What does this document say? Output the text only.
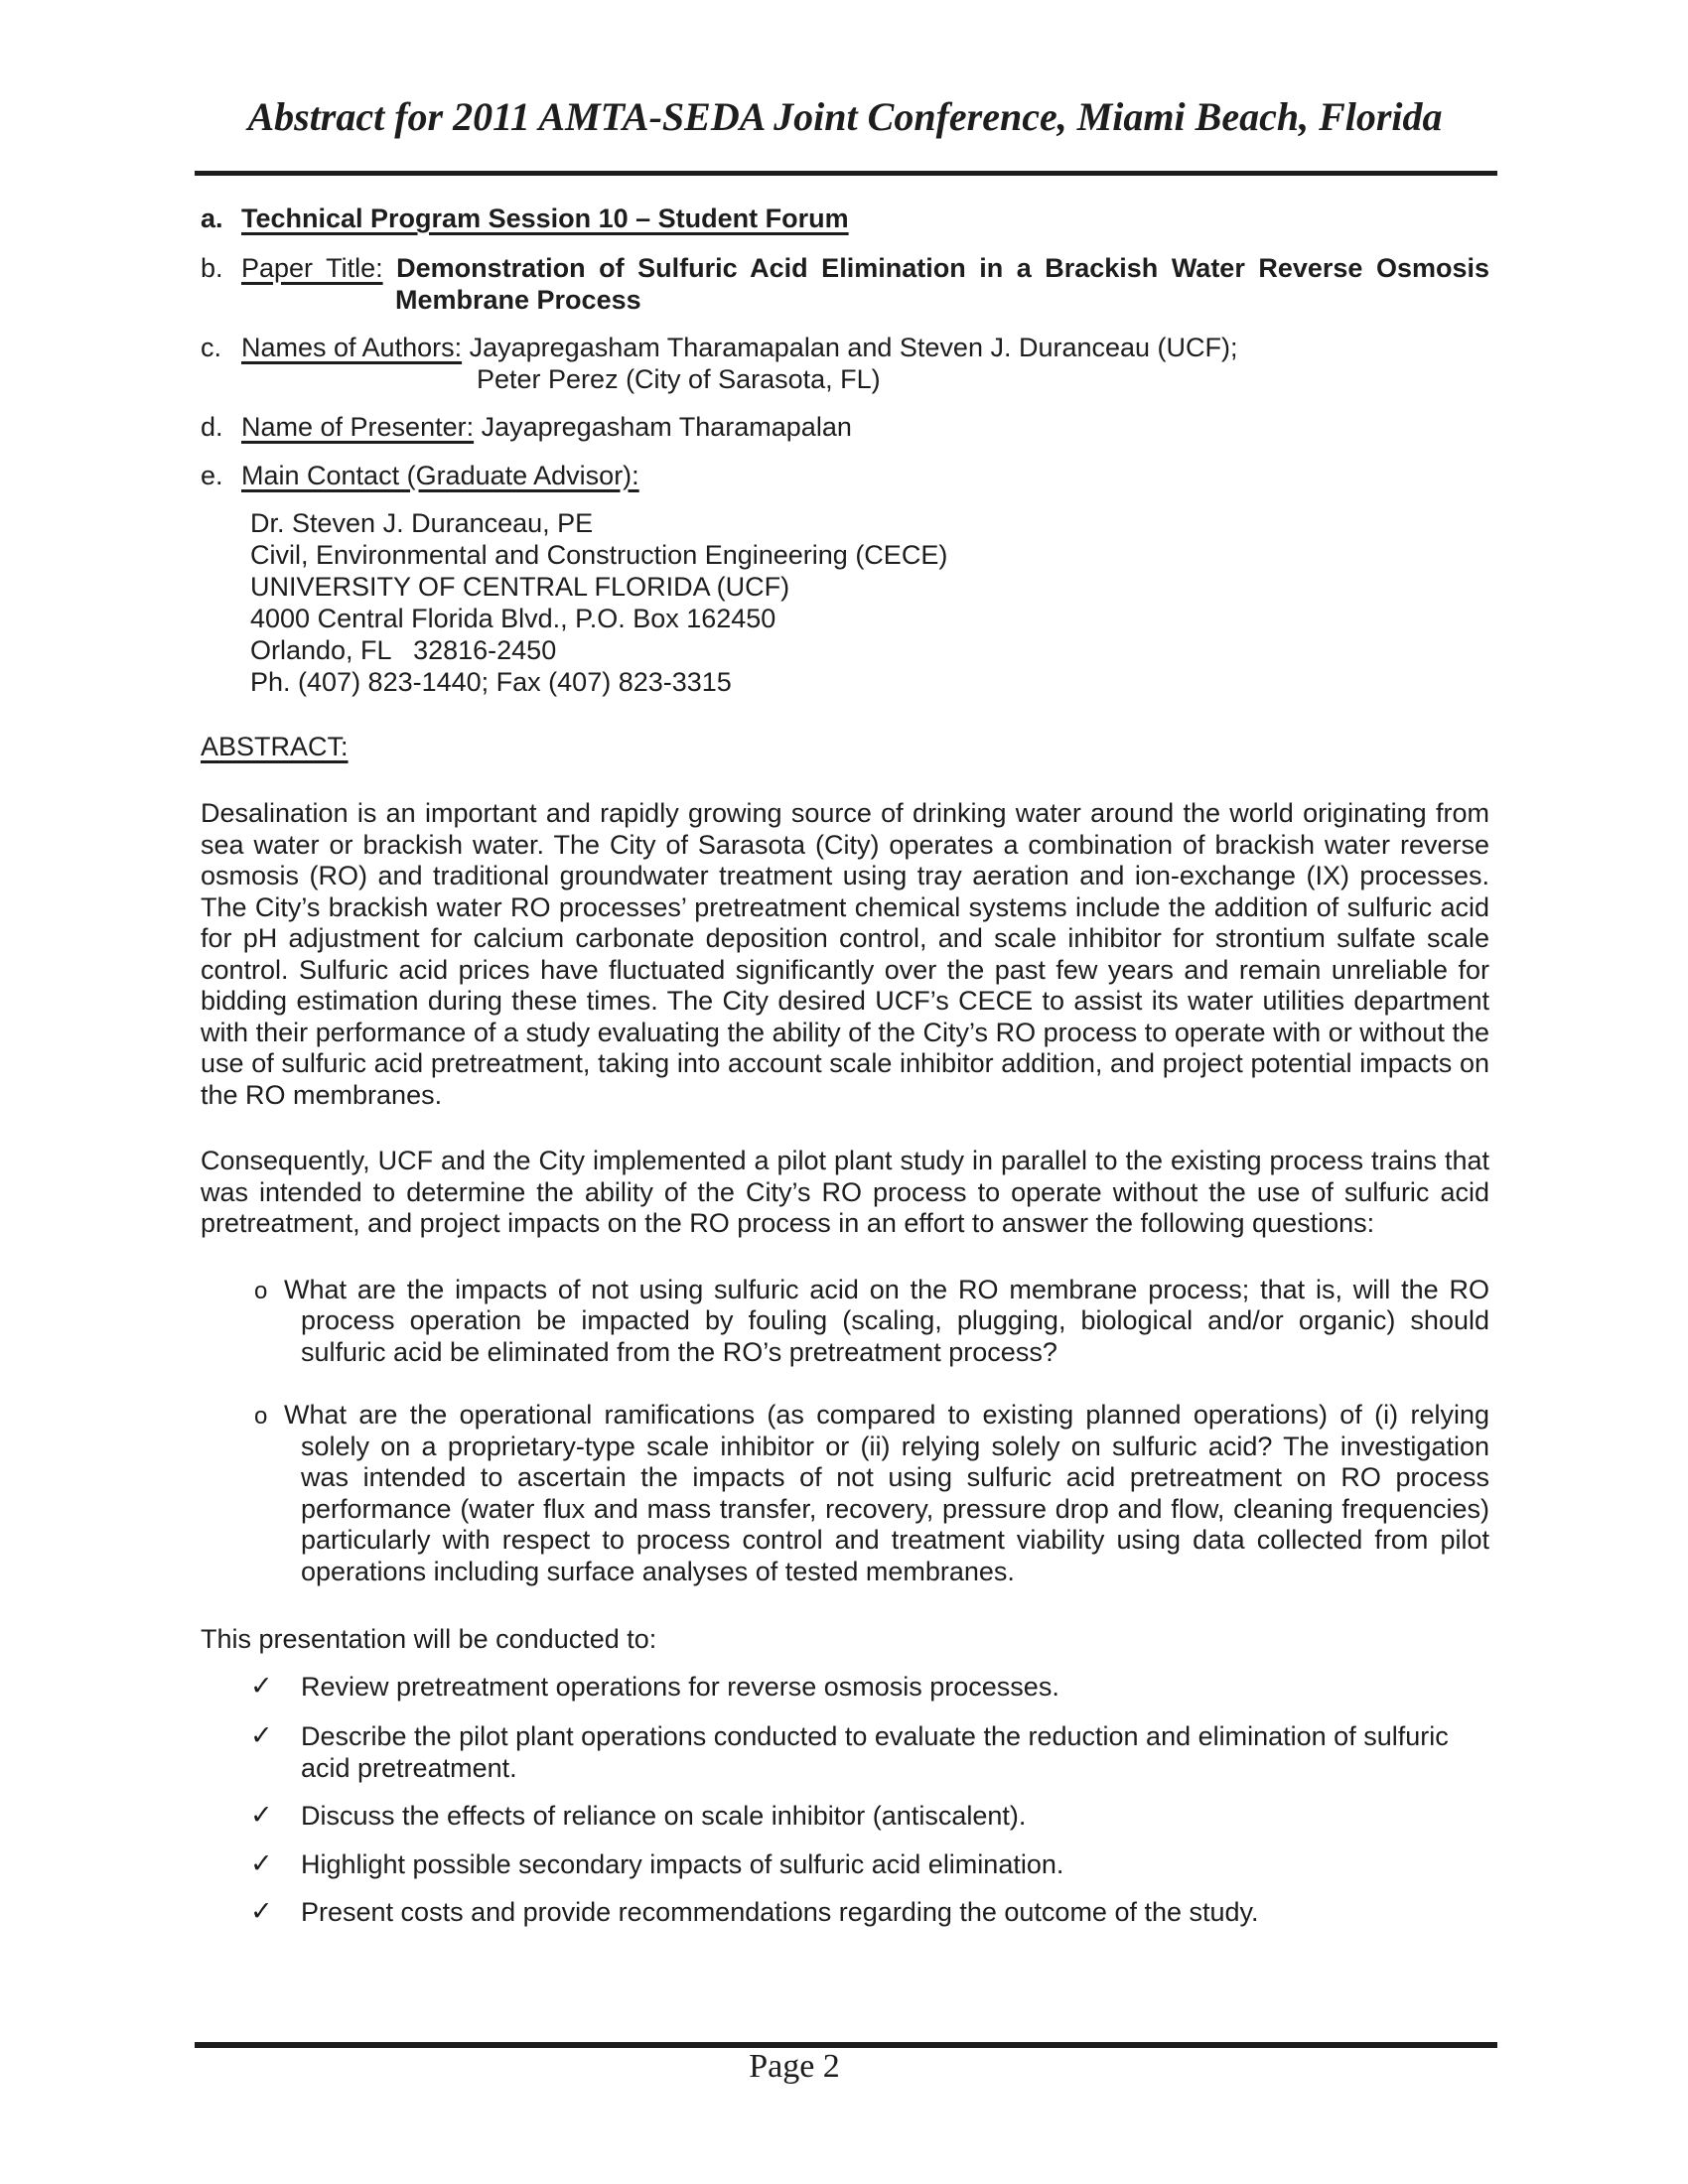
Abstract for 2011 AMTA-SEDA Joint Conference, Miami Beach, Florida
a. Technical Program Session 10 – Student Forum
b. Paper Title: Demonstration of Sulfuric Acid Elimination in a Brackish Water Reverse Osmosis
Membrane Process
c. Names of Authors: Jayapregasham Tharamapalan and Steven J. Duranceau (UCF);
Peter Perez (City of Sarasota, FL)
d. Name of Presenter: Jayapregasham Tharamapalan
e. Main Contact (Graduate Advisor):
Dr. Steven J. Duranceau, PE
Civil, Environmental and Construction Engineering (CECE)
UNIVERSITY OF CENTRAL FLORIDA (UCF)
4000 Central Florida Blvd., P.O. Box 162450
Orlando, FL   32816-2450
Ph. (407) 823-1440; Fax (407) 823-3315
ABSTRACT:
Desalination is an important and rapidly growing source of drinking water around the world originating from sea water or brackish water. The City of Sarasota (City) operates a combination of brackish water reverse osmosis (RO) and traditional groundwater treatment using tray aeration and ion-exchange (IX) processes. The City’s brackish water RO processes’ pretreatment chemical systems include the addition of sulfuric acid for pH adjustment for calcium carbonate deposition control, and scale inhibitor for strontium sulfate scale control. Sulfuric acid prices have fluctuated significantly over the past few years and remain unreliable for bidding estimation during these times. The City desired UCF’s CECE to assist its water utilities department with their performance of a study evaluating the ability of the City’s RO process to operate with or without the use of sulfuric acid pretreatment, taking into account scale inhibitor addition, and project potential impacts on the RO membranes.
Consequently, UCF and the City implemented a pilot plant study in parallel to the existing process trains that was intended to determine the ability of the City’s RO process to operate without the use of sulfuric acid pretreatment, and project impacts on the RO process in an effort to answer the following questions:
o What are the impacts of not using sulfuric acid on the RO membrane process; that is, will the RO process operation be impacted by fouling (scaling, plugging, biological and/or organic) should sulfuric acid be eliminated from the RO’s pretreatment process?
o What are the operational ramifications (as compared to existing planned operations) of (i) relying solely on a proprietary-type scale inhibitor or (ii) relying solely on sulfuric acid? The investigation was intended to ascertain the impacts of not using sulfuric acid pretreatment on RO process performance (water flux and mass transfer, recovery, pressure drop and flow, cleaning frequencies) particularly with respect to process control and treatment viability using data collected from pilot operations including surface analyses of tested membranes.
This presentation will be conducted to:
✓ Review pretreatment operations for reverse osmosis processes.
✓ Describe the pilot plant operations conducted to evaluate the reduction and elimination of sulfuric acid pretreatment.
✓ Discuss the effects of reliance on scale inhibitor (antiscalent).
✓ Highlight possible secondary impacts of sulfuric acid elimination.
✓ Present costs and provide recommendations regarding the outcome of the study.
Page 2
